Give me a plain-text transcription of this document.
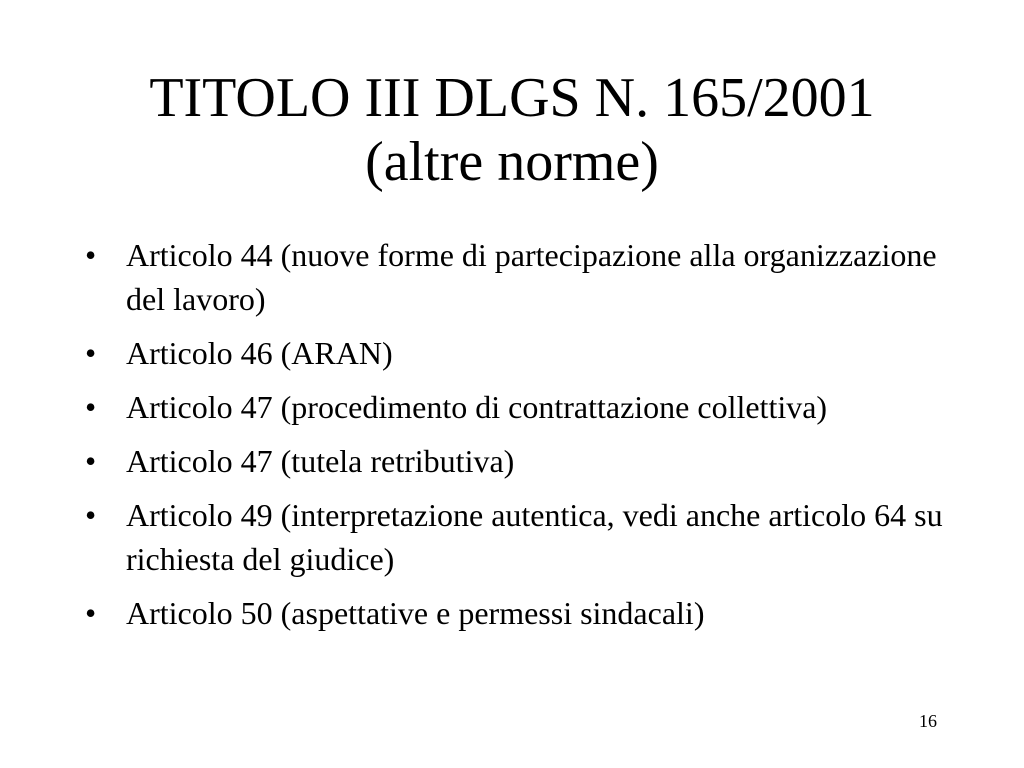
TITOLO III DLGS N. 165/2001
(altre norme)
• Articolo 44 (nuove forme di partecipazione alla organizzazione del lavoro)
• Articolo 46 (ARAN)
• Articolo 47 (procedimento di contrattazione collettiva)
• Articolo 47 (tutela retributiva)
• Articolo 49 (interpretazione autentica, vedi anche articolo 64 su richiesta del giudice)
• Articolo 50 (aspettative e permessi sindacali)
16
